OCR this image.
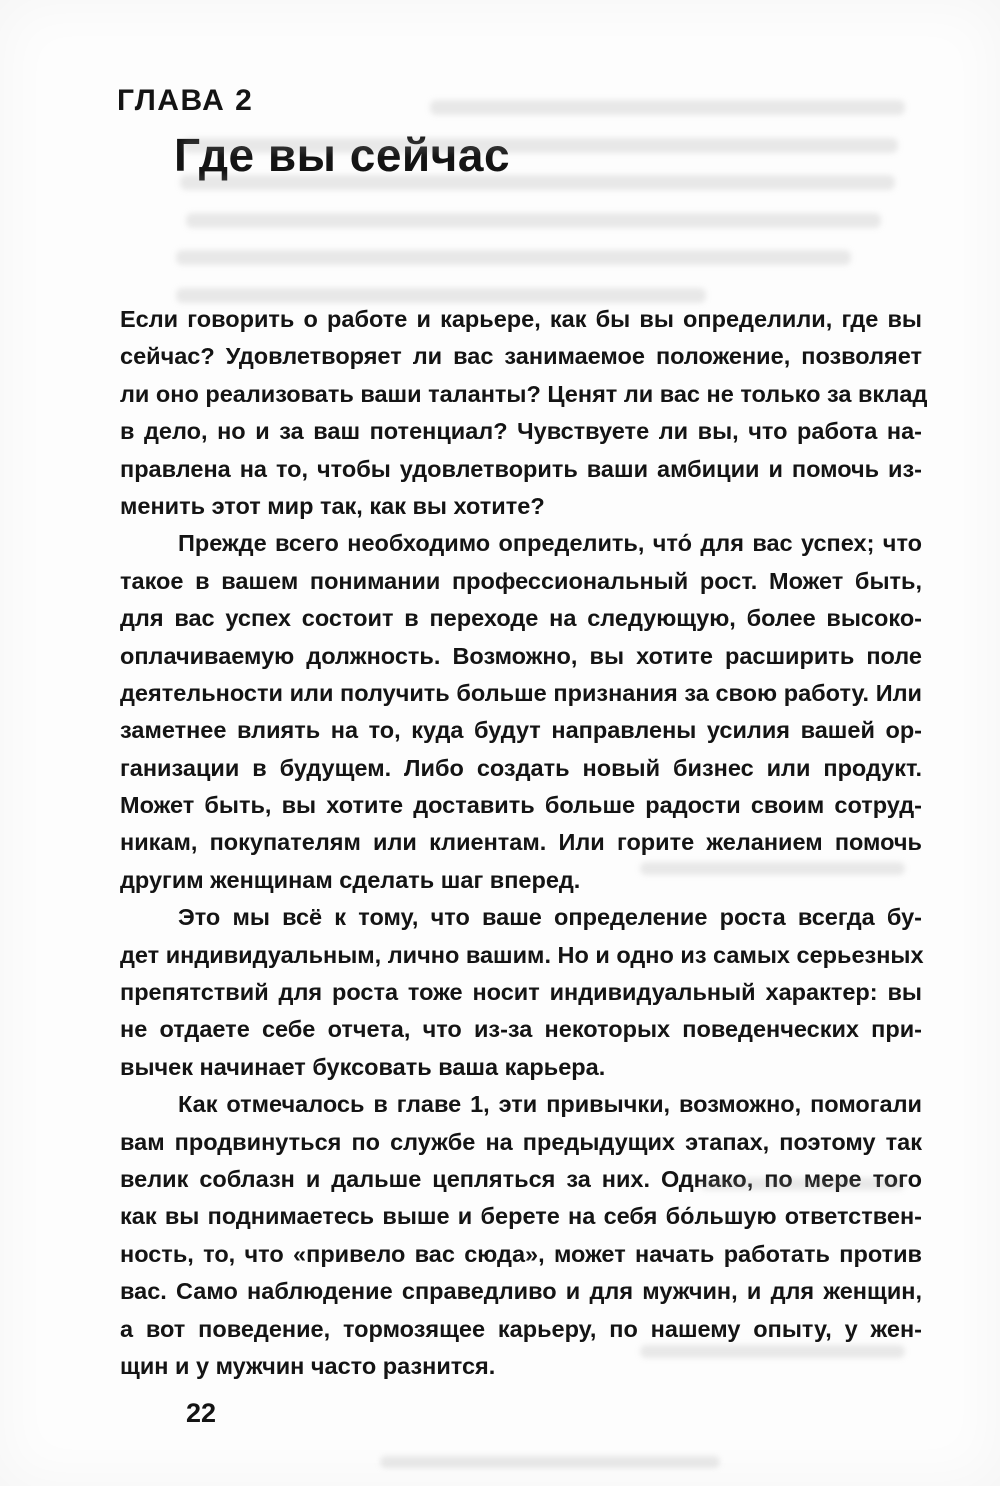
ГЛАВА 2
Где вы сейчас
Если говорить о работе и карьере, как бы вы определили, где вы
сейчас? Удовлетворяет ли вас занимаемое положение, позволяет
ли оно реализовать ваши таланты? Ценят ли вас не только за вклад
в дело, но и за ваш потенциал? Чувствуете ли вы, что работа на-
правлена на то, чтобы удовлетворить ваши амбиции и помочь из-
менить этот мир так, как вы хотите?
Прежде всего необходимо определить, что́ для вас успех; что
такое в вашем понимании профессиональный рост. Может быть,
для вас успех состоит в переходе на следующую, более высоко-
оплачиваемую должность. Возможно, вы хотите расширить поле
деятельности или получить больше признания за свою работу. Или
заметнее влиять на то, куда будут направлены усилия вашей ор-
ганизации в будущем. Либо создать новый бизнес или продукт.
Может быть, вы хотите доставить больше радости своим сотруд-
никам, покупателям или клиентам. Или горите желанием помочь
другим женщинам сделать шаг вперед.
Это мы всё к тому, что ваше определение роста всегда бу-
дет индивидуальным, лично вашим. Но и одно из самых серьезных
препятствий для роста тоже носит индивидуальный характер: вы
не отдаете себе отчета, что из-за некоторых поведенческих при-
вычек начинает буксовать ваша карьера.
Как отмечалось в главе 1, эти привычки, возможно, помогали
вам продвинуться по службе на предыдущих этапах, поэтому так
велик соблазн и дальше цепляться за них. Однако, по мере того
как вы поднимаетесь выше и берете на себя бо́льшую ответствен-
ность, то, что «привело вас сюда», может начать работать против
вас. Само наблюдение справедливо и для мужчин, и для женщин,
а вот поведение, тормозящее карьеру, по нашему опыту, у жен-
щин и у мужчин часто разнится.
22
